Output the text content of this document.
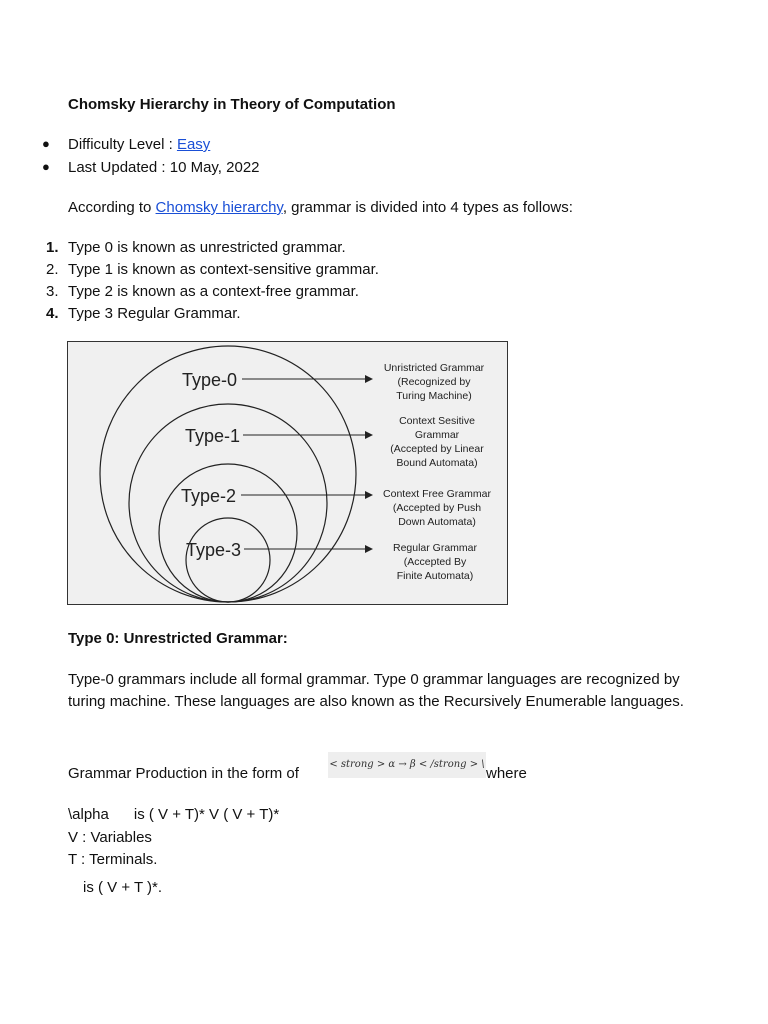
Chomsky Hierarchy in Theory of Computation
● Difficulty Level : Easy
● Last Updated : 10 May, 2022
According to Chomsky hierarchy, grammar is divided into 4 types as follows:
1. Type 0 is known as unrestricted grammar.
2. Type 1 is known as context-sensitive grammar.
3. Type 2 is known as a context-free grammar.
4. Type 3 Regular Grammar.
Type-0
Type-1
Type-2
Type-3
Unristricted Grammar
(Recognized by
Turing Machine)
Context Sesitive
Grammar
(Accepted by Linear
Bound Automata)
Context Free Grammar
(Accepted by Push
Down Automata)
Regular Grammar
(Accepted By
Finite Automata)
Type 0: Unrestricted Grammar:
Type-0 grammars include all formal grammar. Type 0 grammar languages are recognized by turing machine. These languages are also known as the Recursively Enumerable languages.
Grammar Production in the form of
< strong > α → β < /strong > \
where
\alpha      is ( V + T)* V ( V + T)*
V : Variables
T : Terminals.
is ( V + T )*.
